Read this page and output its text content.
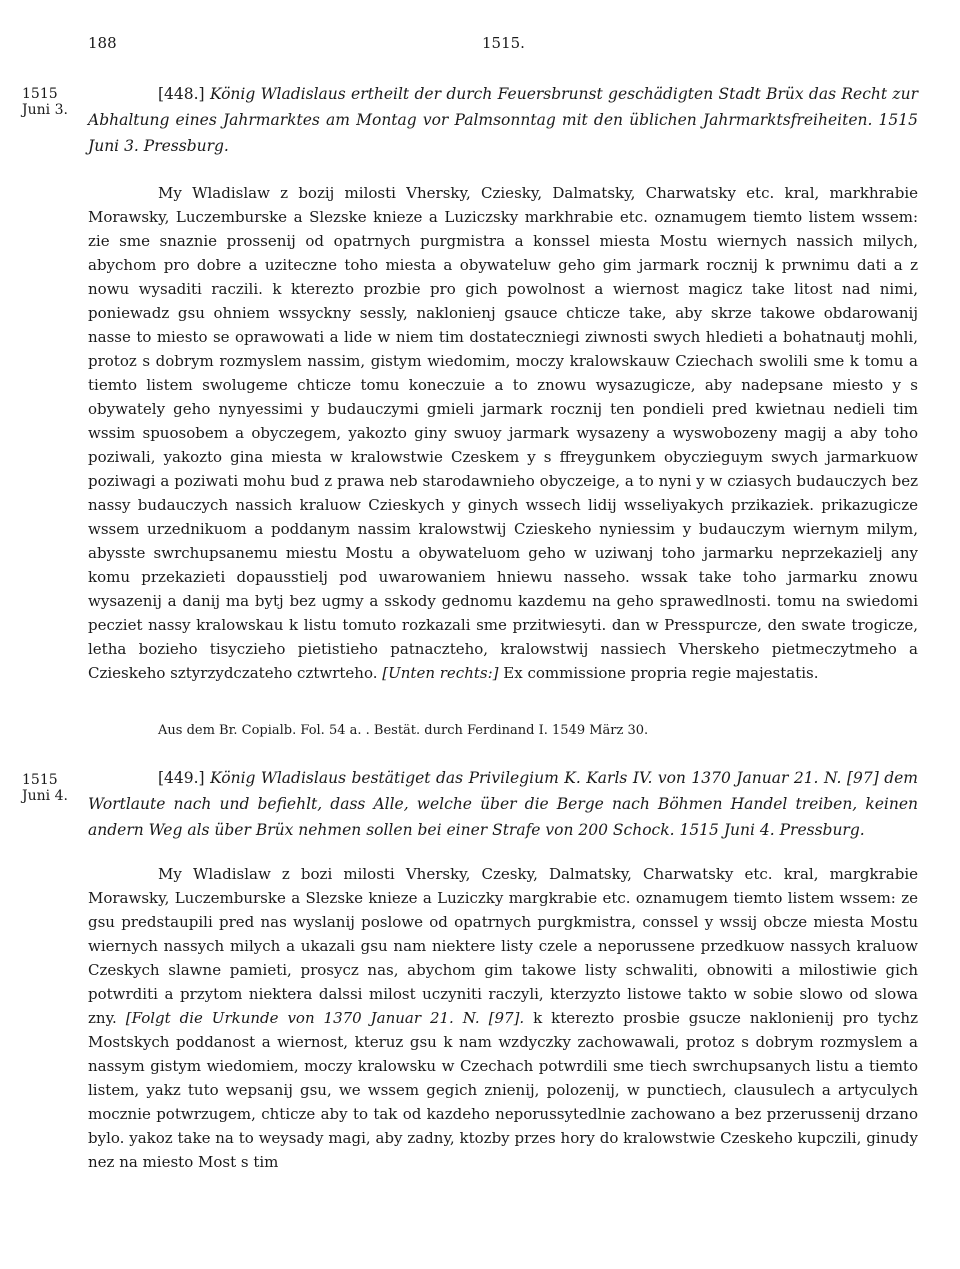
188	1515.
1515
Juni 3.
[448.] König Wladislaus ertheilt der durch Feuersbrunst geschädigten Stadt Brüx das Recht zur Abhaltung eines Jahrmarktes am Montag vor Palmsonntag mit den üblichen Jahrmarktsfreiheiten. 1515 Juni 3. Pressburg.

My Wladislaw z bozij milosti Vhersky, Cziesky, Dalmatsky, Charwatsky etc. kral, markhrabie Morawsky, Luczemburske a Slezske knieze a Luziczsky markhrabie etc. oznamugem tiemto listem wssem: zie sme snaznie prossenij od opatrnych purgmistra a konssel miesta Mostu wiernych nassich milych, abychom pro dobre a uziteczne toho miesta a obywateluw geho gim jarmark rocznij k prwnimu dati a z nowu wysaditi raczili. k kterezto prozbie pro gich powolnost a wiernost magicz take litost nad nimi, poniewadz gsu ohniem wssycknу sessly, naklonienj gsauce chticze take, aby skrze takowe obdarowanij nasse to miesto se oprawowati a lide w niem tim dostateczniegi ziwnosti swych hledieti a bohatnautj mohli, protoz s dobrym rozmyslem nassim, gistym wiedomim, moczy kralowskauw Cziechach swolili sme k tomu a tiemto listem swolugeme chticze tomu koneczuie a to znowu wysazugicze, aby nadepsane miesto y s obywately geho nynyessimi y budauczymi gmieli jarmark rocznij ten pondieli pred kwietnau nedieli tim wssim spuosobem a obyczegem, yakozto giny swuoy jarmark wysazeny a wyswobozeny magij a aby toho poziwali, yakozto gina miesta w kralowstwie Czeskem y s ffreygunkem obyczieguym swych jarmarkuow poziwagi a poziwati mohu bud z prawa neb starodawnieho obyczeige, a to nyni y w cziasych budauczych bez nassy budauczych nassich kraluow Czieskych y ginych wssech lidij wsseliyakych przikaziek. prikazugicze wssem urzednikuom a poddanym nassim kralowstwij Czieskeho nyniessim y budauczym wiernym milym, abysste swrchupsanemu miestu Mostu a obywateluom geho w uziwanj toho jarmarku neprzekazielj any komu przekazieti dopausstielj pod uwarowaniem hniewu nasseho. wssak take toho jarmarku znowu wysazenij a danij ma bytj bez ugmy a sskody gednomu kazdemu na geho sprawedlnosti. tomu na swiedomi pecziet nassy kralowskau k listu tomuto rozkazali sme przitwiesyti. dan w Presspurcze, den swate trogicze, letha bozieho tisyczieho pietistieho patnaczteho, kralowstwij nassiech Vherskeho pietmeczytmeho a Czieskeho sztyrzydczateho cztwrteho. [Unten rechts:] Ex commissione propria regie majestatis.

Aus dem Br. Copialb. Fol. 54 a. . Bestät. durch Ferdinand I. 1549 März 30.
1515
Juni 4.
[449.] König Wladislaus bestätiget das Privilegium K. Karls IV. von 1370 Januar 21. N. [97] dem Wortlaute nach und befiehlt, dass Alle, welche über die Berge nach Böhmen Handel treiben, keinen andern Weg als über Brüx nehmen sollen bei einer Strafe von 200 Schock. 1515 Juni 4. Pressburg.

My Wladislaw z bozi milosti Vhersky, Czesky, Dalmatsky, Charwatsky etc. kral, margkrabie Morawsky, Luczemburske a Slezske knieze a Luziczky margkrabie etc. oznamugem tiemto listem wssem: ze gsu predstaupili pred nas wyslanij poslowe od opatrnych purgkmistra, conssel y wssij obcze miesta Mostu wiernych nassych milych a ukazali gsu nam niektere listy czele a neporussene przedkuow nassych kraluow Czeskych slawne pamieti, prosycz nas, abychom gim takowe listy schwaliti, obnowiti a milostiwie gich potwrditi a przytom niektera dalssi milost uczyniti raczyli, kterzyzto listowe takto w sobie slowo od slowa zny. [Folgt die Urkunde von 1370 Januar 21. N. [97]. k kterezto prosbie gsucze naklonienij pro tychz Mostskych poddanost a wiernost, kteruz gsu k nam wzdyczky zachowawali, protoz s dobrym rozmyslem a nassym gistym wiedomiem, moczy kralowsku w Czechach potwrdili sme tiech swrchupsanych listu a tiemto listem, yakz tuto wepsanij gsu, we wssem gegich znienij, polozenij, w punctiech, clausulech a artyculych mocznie potwrzugem, chticze aby to tak od kazdeho neporussytedlnie zachowano a bez przerussenij drzano bylo. yakoz take na to weysady magi, aby zadny, ktozby przes hory do kralowstwie Czeskeho kupczili, ginudy nez na miesto Most s tim
